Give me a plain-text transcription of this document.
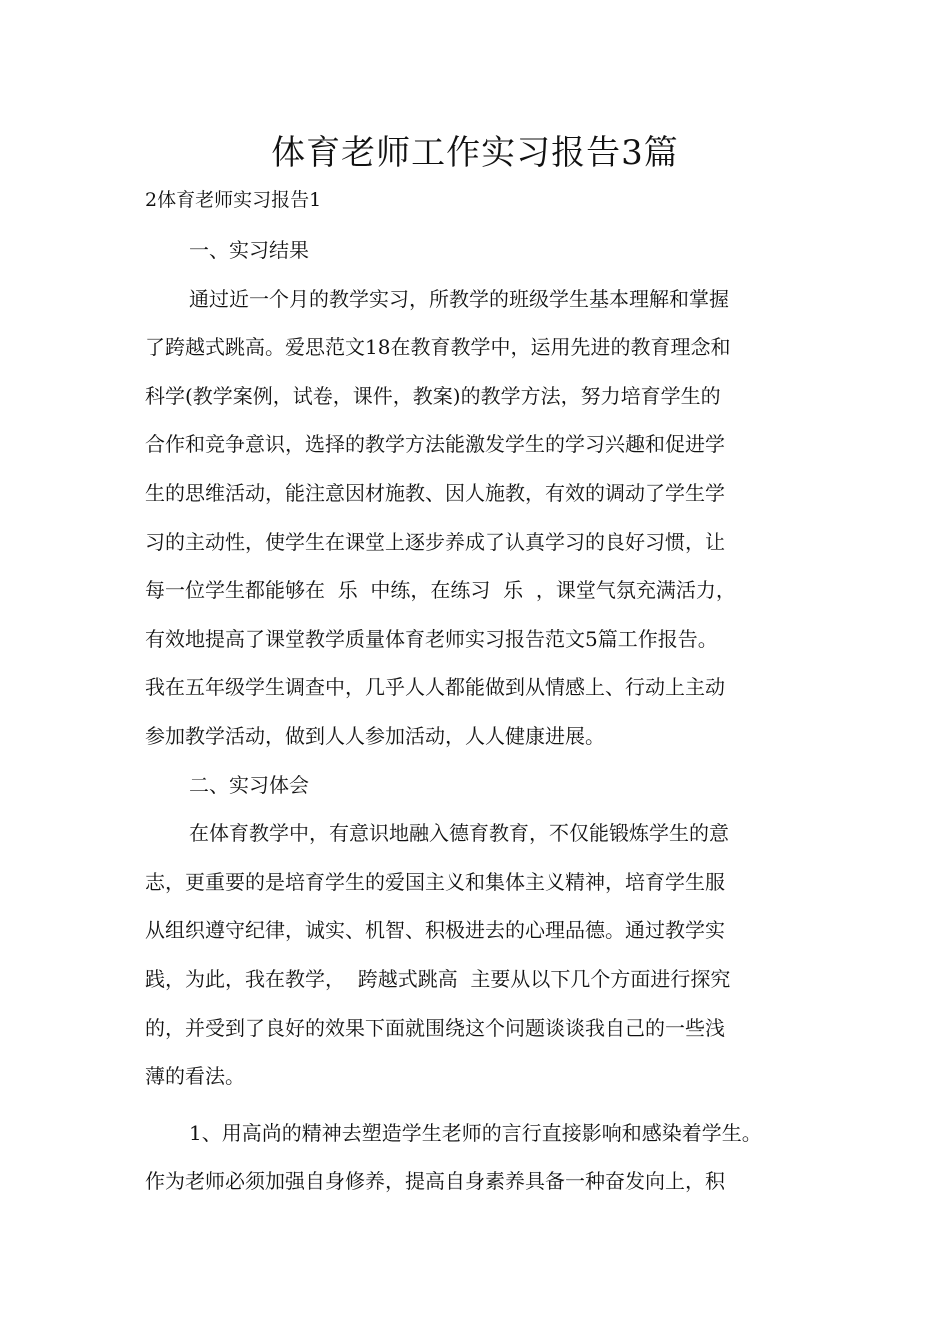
体育老师工作实习报告3篇

2体育老师实习报告1

一、实习结果

通过近一个月的教学实习，所教学的班级学生基本理解和掌握

了跨越式跳高。爱思范文18在教育教学中，运用先进的教育理念和

科学(教学案例，试卷，课件，教案)的教学方法，努力培育学生的

合作和竞争意识，选择的教学方法能激发学生的学习兴趣和促进学

生的思维活动，能注意因材施教、因人施教，有效的调动了学生学

习的主动性，使学生在课堂上逐步养成了认真学习的良好习惯，让

每一位学生都能够在  乐  中练，在练习  乐  ，课堂气氛充满活力，

有效地提高了课堂教学质量体育老师实习报告范文5篇工作报告。

我在五年级学生调查中，几乎人人都能做到从情感上、行动上主动

参加教学活动，做到人人参加活动，人人健康进展。

二、实习体会

在体育教学中，有意识地融入德育教育，不仅能锻炼学生的意

志，更重要的是培育学生的爱国主义和集体主义精神，培育学生服

从组织遵守纪律，诚实、机智、积极进去的心理品德。通过教学实

践，为此，我在教学，  跨越式跳高  主要从以下几个方面进行探究

的，并受到了良好的效果下面就围绕这个问题谈谈我自己的一些浅

薄的看法。

1、用高尚的精神去塑造学生老师的言行直接影响和感染着学生。

作为老师必须加强自身修养，提高自身素养具备一种奋发向上，积
